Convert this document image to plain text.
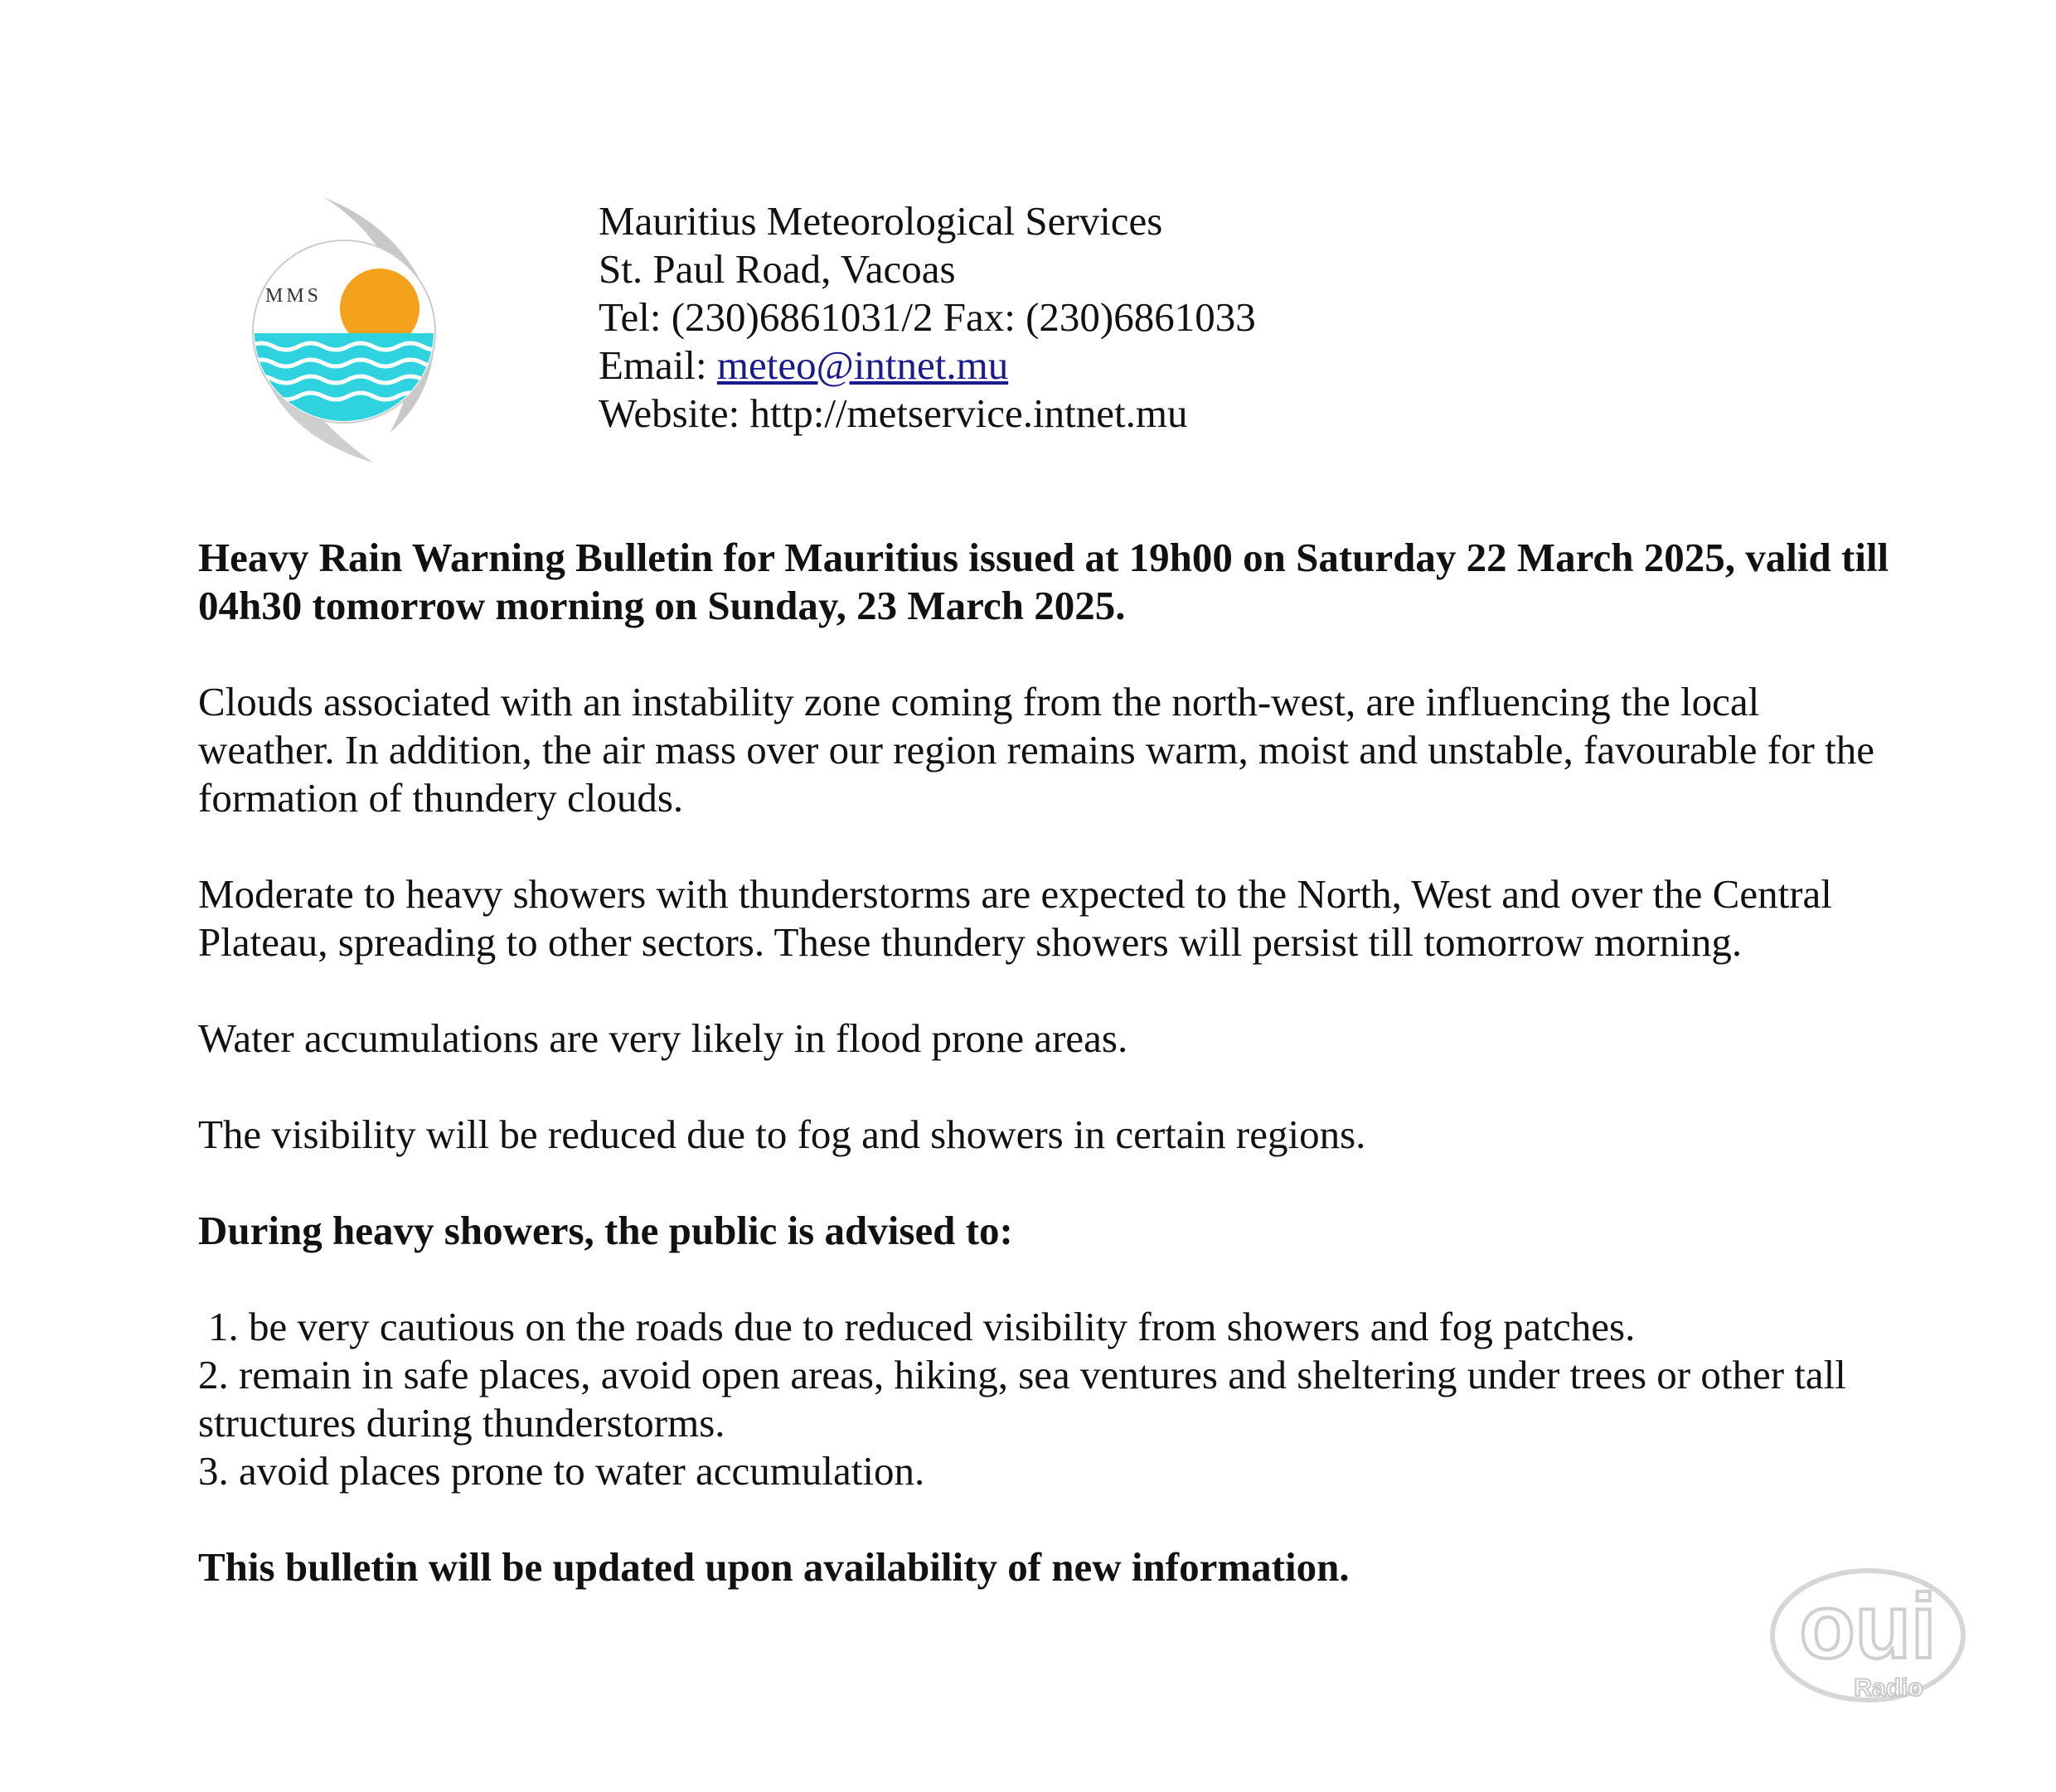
MMS
Mauritius Meteorological Services
St. Paul Road, Vacoas
Tel: (230)6861031/2 Fax: (230)6861033
Email: meteo@intnet.mu
Website: http://metservice.intnet.mu

Heavy Rain Warning Bulletin for Mauritius issued at 19h00 on Saturday 22 March 2025, valid till 04h30 tomorrow morning on Sunday, 23 March 2025.

Clouds associated with an instability zone coming from the north-west, are influencing the local weather. In addition, the air mass over our region remains warm, moist and unstable, favourable for the formation of thundery clouds.

Moderate to heavy showers with thunderstorms are expected to the North, West and over the Central Plateau, spreading to other sectors. These thundery showers will persist till tomorrow morning.

Water accumulations are very likely in flood prone areas.

The visibility will be reduced due to fog and showers in certain regions.

During heavy showers, the public is advised to:

1. be very cautious on the roads due to reduced visibility from showers and fog patches.
2. remain in safe places, avoid open areas, hiking, sea ventures and sheltering under trees or other tall structures during thunderstorms.
3. avoid places prone to water accumulation.

This bulletin will be updated upon availability of new information.

oui
Radio
